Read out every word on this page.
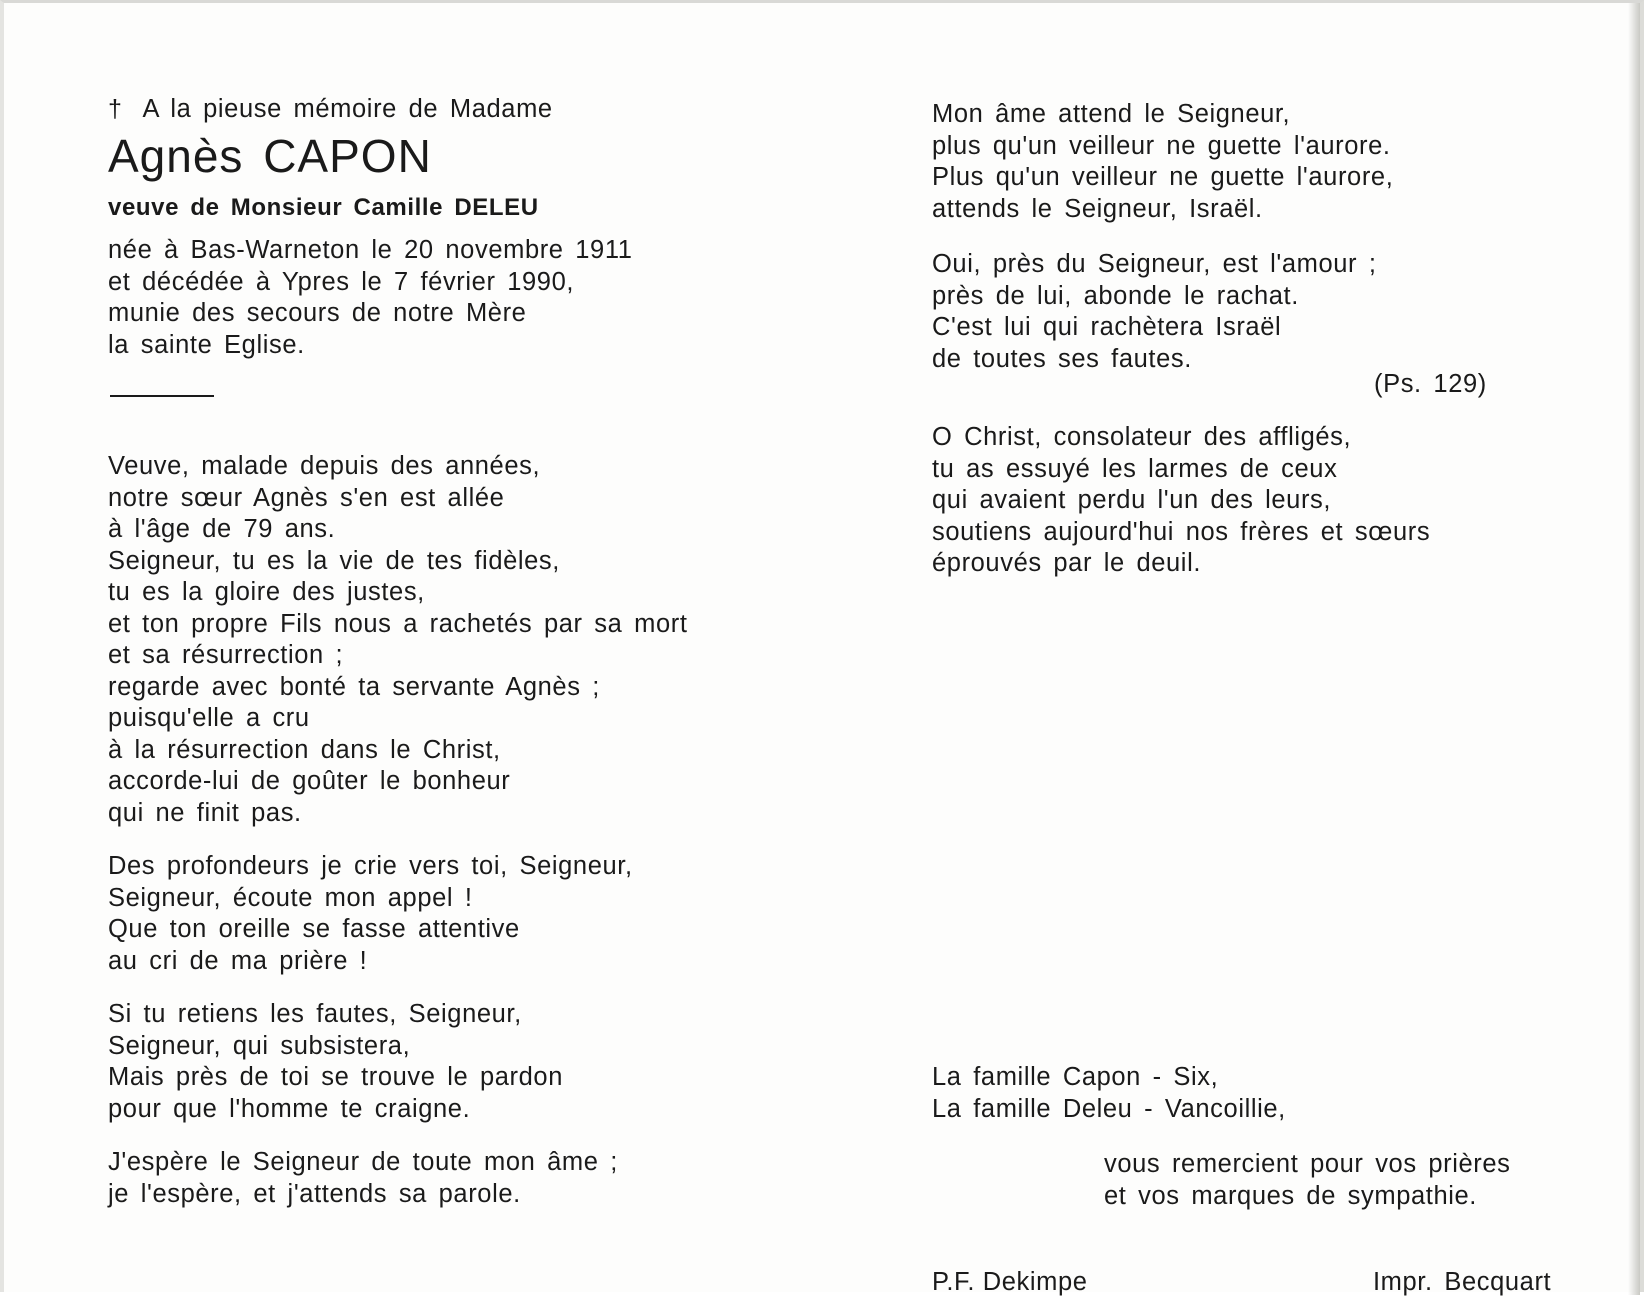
† A la pieuse mémoire de Madame
Agnès CAPON
veuve de Monsieur Camille DELEU
née à Bas-Warneton le 20 novembre 1911
et décédée à Ypres le 7 février 1990,
munie des secours de notre Mère
la sainte Eglise.
Veuve, malade depuis des années,
notre sœur Agnès s'en est allée
à l'âge de 79 ans.
Seigneur, tu es la vie de tes fidèles,
tu es la gloire des justes,
et ton propre Fils nous a rachetés par sa mort
et sa résurrection ;
regarde avec bonté ta servante Agnès ;
puisqu'elle a cru
à la résurrection dans le Christ,
accorde-lui de goûter le bonheur
qui ne finit pas.
Des profondeurs je crie vers toi, Seigneur,
Seigneur, écoute mon appel !
Que ton oreille se fasse attentive
au cri de ma prière !
Si tu retiens les fautes, Seigneur,
Seigneur, qui subsistera,
Mais près de toi se trouve le pardon
pour que l'homme te craigne.
J'espère le Seigneur de toute mon âme ;
je l'espère, et j'attends sa parole.
Mon âme attend le Seigneur,
plus qu'un veilleur ne guette l'aurore.
Plus qu'un veilleur ne guette l'aurore,
attends le Seigneur, Israël.
Oui, près du Seigneur, est l'amour ;
près de lui, abonde le rachat.
C'est lui qui rachètera Israël
de toutes ses fautes.
(Ps. 129)
O Christ, consolateur des affligés,
tu as essuyé les larmes de ceux
qui avaient perdu l'un des leurs,
soutiens aujourd'hui nos frères et sœurs
éprouvés par le deuil.
La famille Capon - Six,
La famille Deleu - Vancoillie,
vous remercient pour vos prières
et vos marques de sympathie.
P.F. Dekimpe	Impr. Becquart
